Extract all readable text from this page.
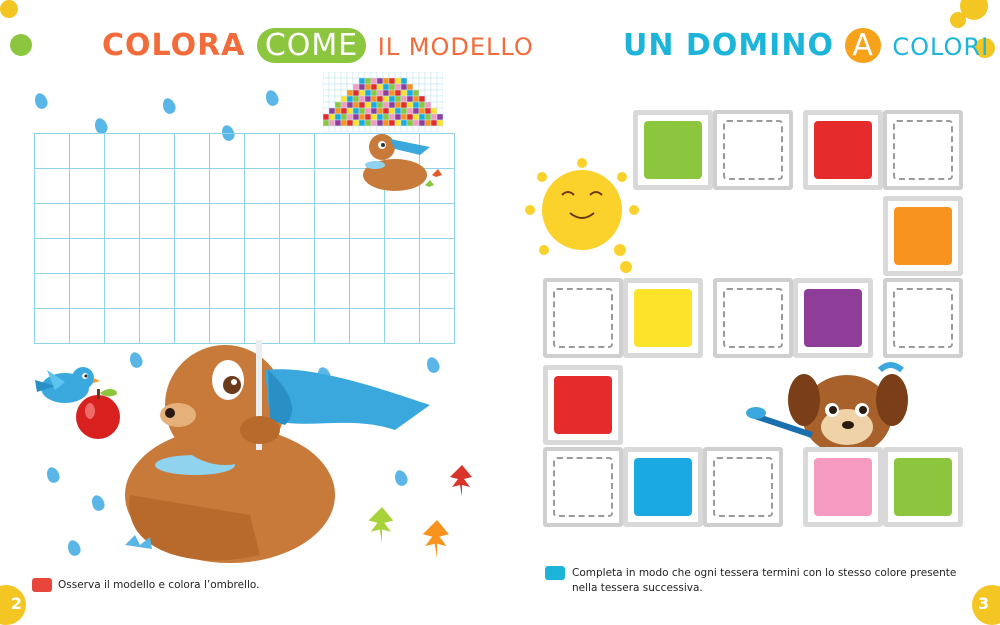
COLORA COME IL MODELLO
Osserva il modello e colora l’ombrello.
2
UN DOMINO A COLORI
Completa in modo che ogni tessera termini con lo stesso colore presente
nella tessera successiva.
3
